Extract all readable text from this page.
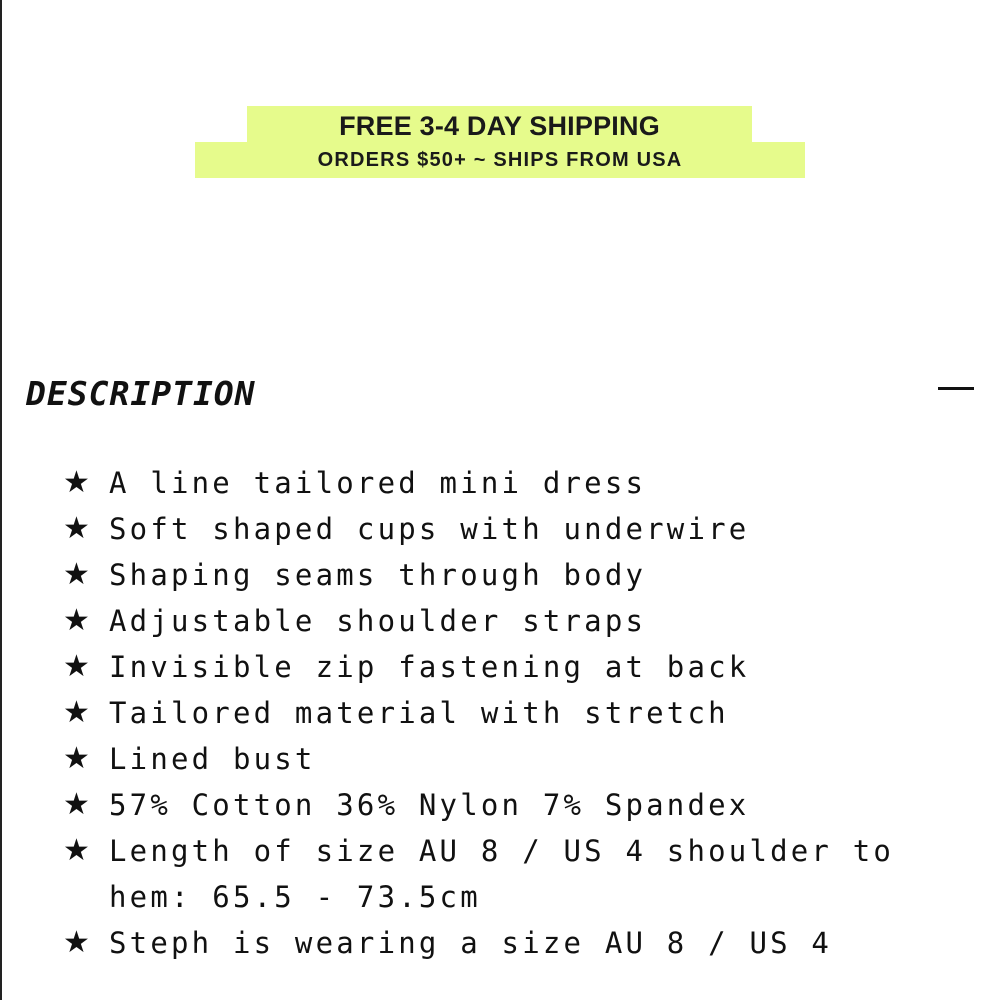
FREE 3-4 DAY SHIPPING
ORDERS $50+ ~ SHIPS FROM USA
DESCRIPTION
★ A line tailored mini dress
★ Soft shaped cups with underwire
★ Shaping seams through body
★ Adjustable shoulder straps
★ Invisible zip fastening at back
★ Tailored material with stretch
★ Lined bust
★ 57% Cotton 36% Nylon 7% Spandex
★ Length of size AU 8 / US 4 shoulder to hem: 65.5 - 73.5cm
★ Steph is wearing a size AU 8 / US 4
